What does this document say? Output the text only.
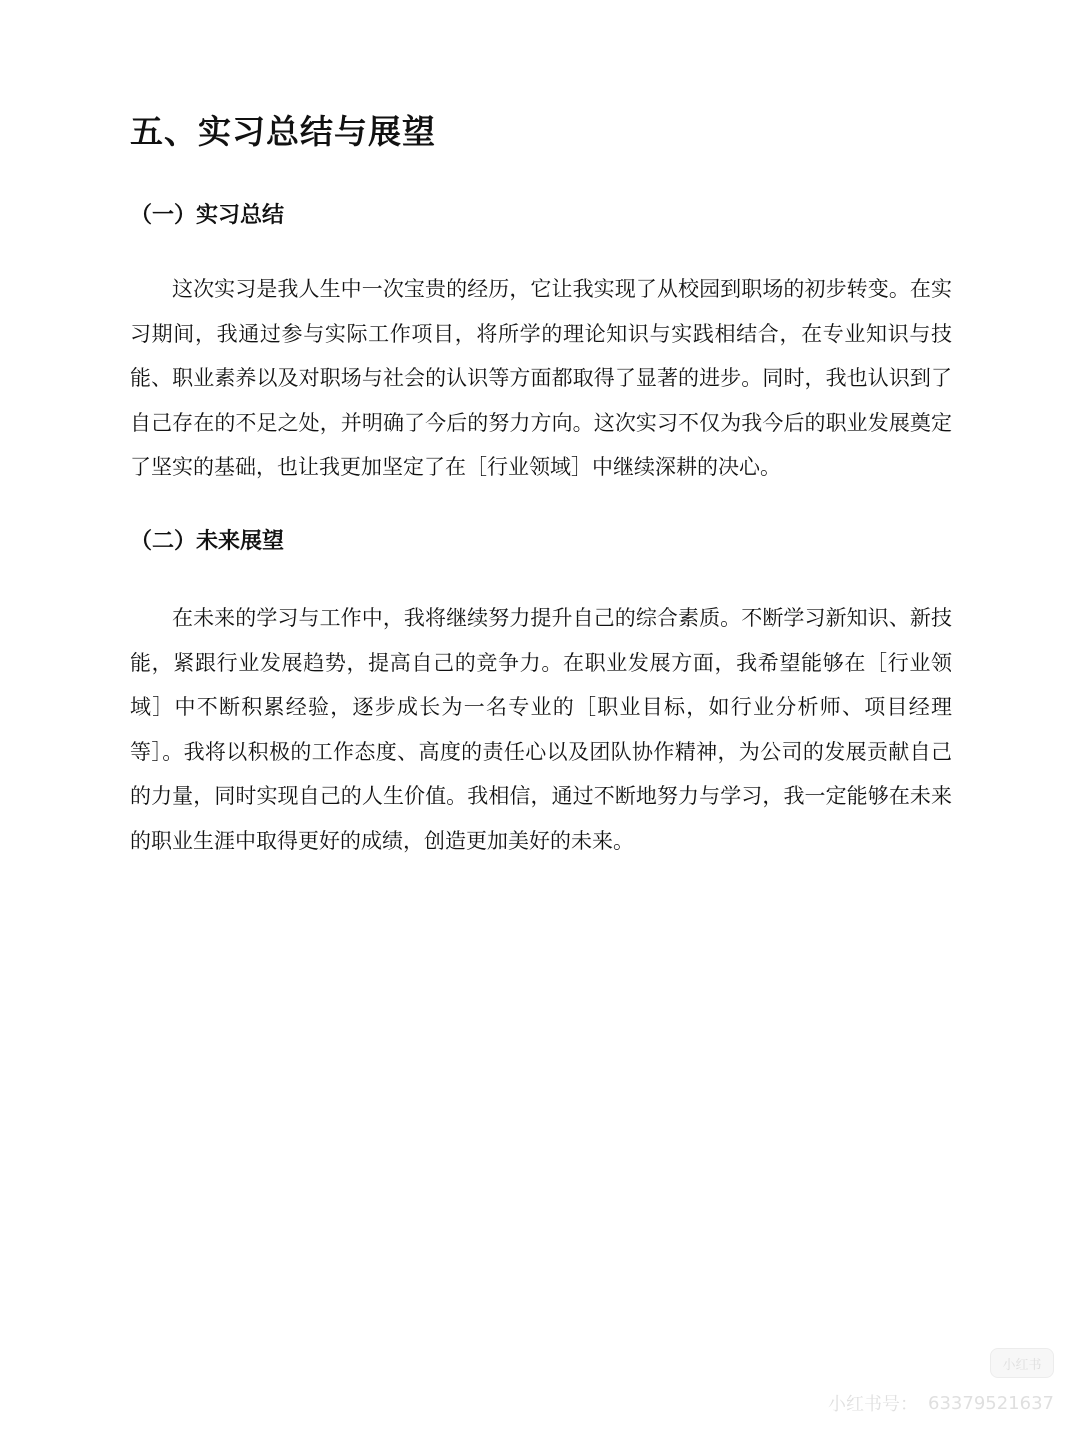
五、实习总结与展望
（一）实习总结

这次实习是我人生中一次宝贵的经历，它让我实现了从校园到职场的初步转变。在实习期间，我通过参与实际工作项目，将所学的理论知识与实践相结合，在专业知识与技能、职业素养以及对职场与社会的认识等方面都取得了显著的进步。同时，我也认识到了自己存在的不足之处，并明确了今后的努力方向。这次实习不仅为我今后的职业发展奠定了坚实的基础，也让我更加坚定了在［行业领域］中继续深耕的决心。

（二）未来展望

在未来的学习与工作中，我将继续努力提升自己的综合素质。不断学习新知识、新技能，紧跟行业发展趋势，提高自己的竞争力。在职业发展方面，我希望能够在［行业领域］中不断积累经验，逐步成长为一名专业的［职业目标，如行业分析师、项目经理等］。我将以积极的工作态度、高度的责任心以及团队协作精神，为公司的发展贡献自己的力量，同时实现自己的人生价值。我相信，通过不断地努力与学习，我一定能够在未来的职业生涯中取得更好的成绩，创造更加美好的未来。

小红书
小红书号： 63379521637
